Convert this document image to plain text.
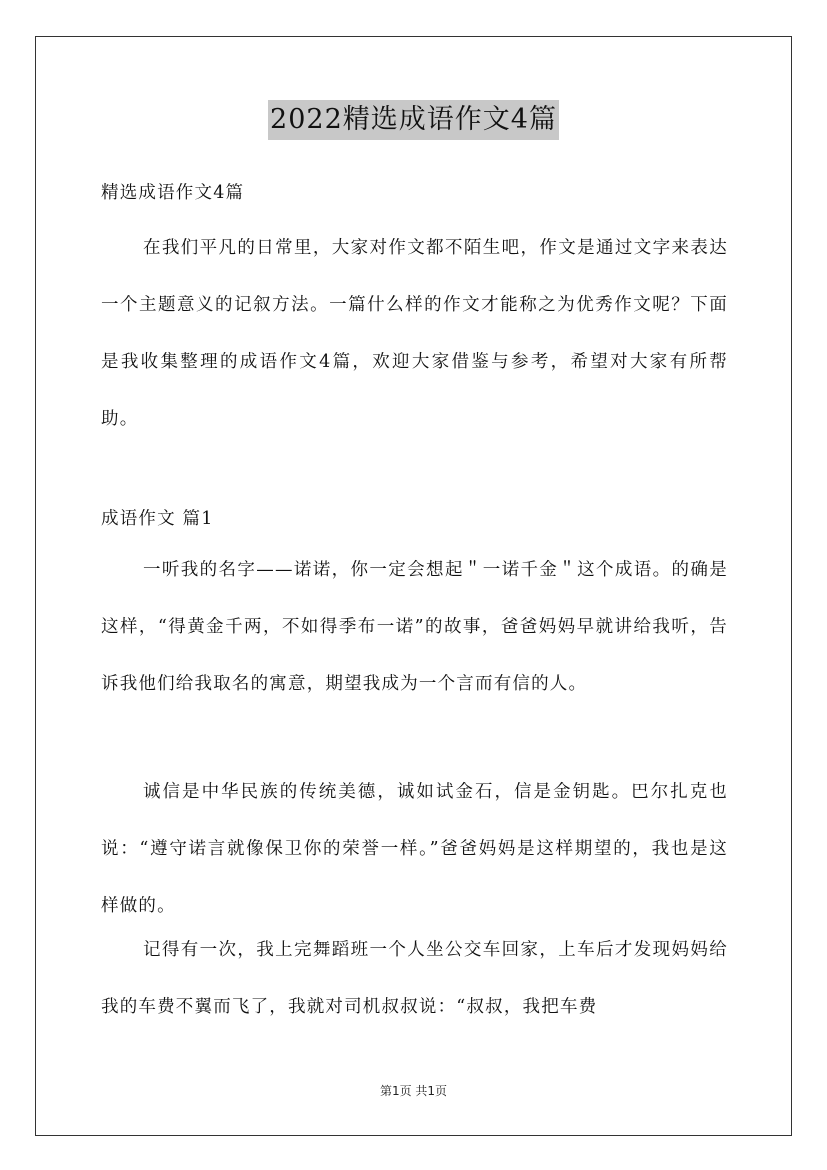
2022精选成语作文4篇
精选成语作文4篇
在我们平凡的日常里，大家对作文都不陌生吧，作文是通过文字来表达一个主题意义的记叙方法。一篇什么样的作文才能称之为优秀作文呢？下面是我收集整理的成语作文4篇，欢迎大家借鉴与参考，希望对大家有所帮助。
成语作文 篇1
一听我的名字——诺诺，你一定会想起＂一诺千金＂这个成语。的确是这样，“得黄金千两，不如得季布一诺”的故事，爸爸妈妈早就讲给我听，告诉我他们给我取名的寓意，期望我成为一个言而有信的人。
诚信是中华民族的传统美德，诚如试金石，信是金钥匙。巴尔扎克也说：“遵守诺言就像保卫你的荣誉一样。”爸爸妈妈是这样期望的，我也是这样做的。
记得有一次，我上完舞蹈班一个人坐公交车回家，上车后才发现妈妈给我的车费不翼而飞了，我就对司机叔叔说：“叔叔，我把车费
第1页 共1页
